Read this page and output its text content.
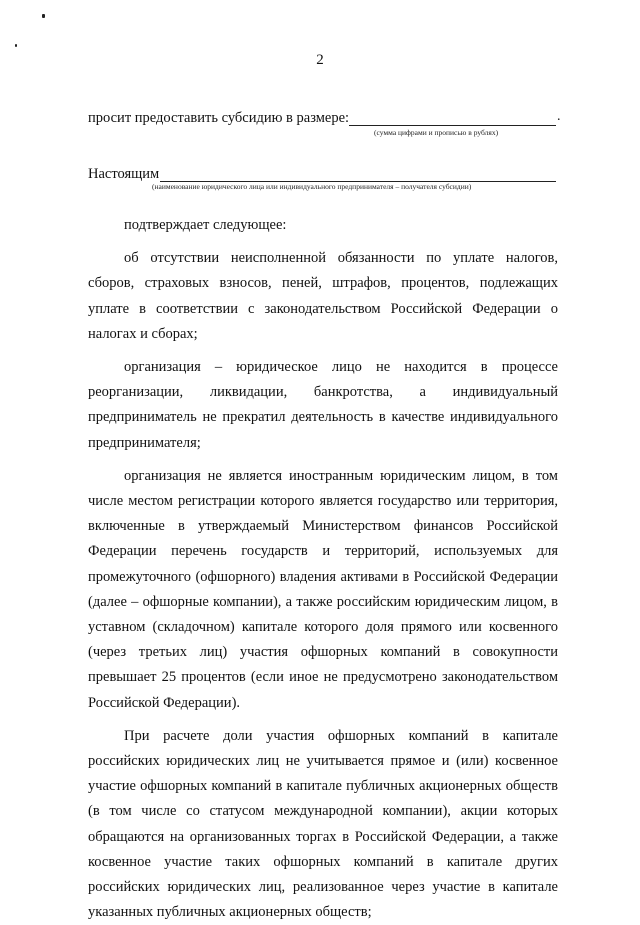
2
просит предоставить субсидию в размере:	.
(сумма цифрами и прописью в рублях)
Настоящим
(наименование юридического лица или индивидуального предпринимателя – получателя субсидии)

подтверждает следующее:

об отсутствии неисполненной обязанности по уплате налогов, сборов, страховых взносов, пеней, штрафов, процентов, подлежащих уплате в соответствии с законодательством Российской Федерации о налогах и сборах;

организация – юридическое лицо не находится в процессе реорганизации, ликвидации, банкротства, а индивидуальный предприниматель не прекратил деятельность в качестве индивидуального предпринимателя;

организация не является иностранным юридическим лицом, в том числе местом регистрации которого является государство или территория, включенные в утверждаемый Министерством финансов Российской Федерации перечень государств и территорий, используемых для промежуточного (офшорного) владения активами в Российской Федерации (далее – офшорные компании), а также российским юридическим лицом, в уставном (складочном) капитале которого доля прямого или косвенного (через третьих лиц) участия офшорных компаний в совокупности превышает 25 процентов (если иное не предусмотрено законодательством Российской Федерации).

При расчете доли участия офшорных компаний в капитале российских юридических лиц не учитывается прямое и (или) косвенное участие офшорных компаний в капитале публичных акционерных обществ (в том числе со статусом международной компании), акции которых обращаются на организованных торгах в Российской Федерации, а также косвенное участие таких офшорных компаний в капитале других российских юридических лиц, реализованное через участие в капитале указанных публичных акционерных обществ;
